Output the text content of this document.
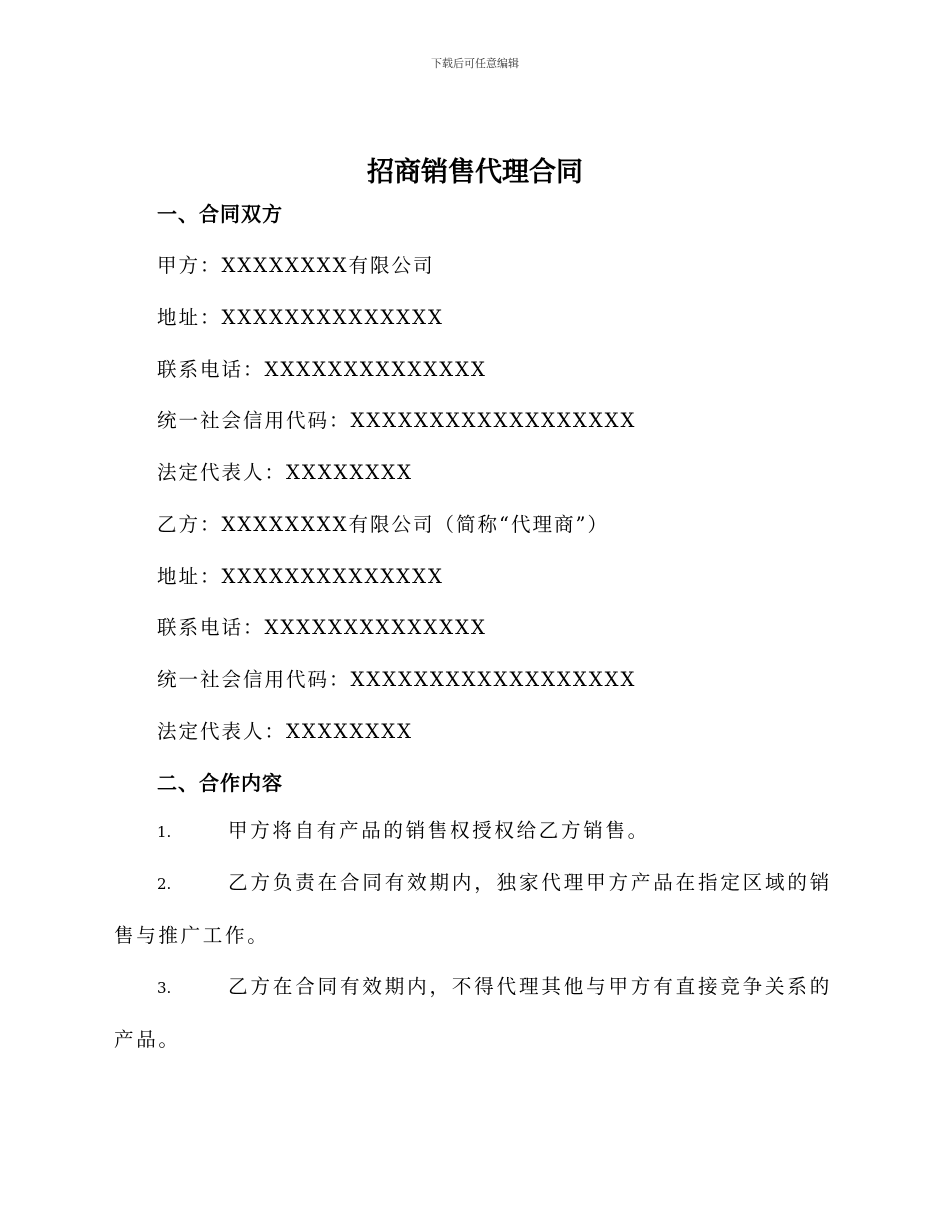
下载后可任意编辑
招商销售代理合同
一、合同双方
甲方：XXXXXXXX有限公司
地址：XXXXXXXXXXXXXX
联系电话：XXXXXXXXXXXXXX
统一社会信用代码：XXXXXXXXXXXXXXXXXX
法定代表人：XXXXXXXX
乙方：XXXXXXXX有限公司（简称“代理商”）
地址：XXXXXXXXXXXXXX
联系电话：XXXXXXXXXXXXXX
统一社会信用代码：XXXXXXXXXXXXXXXXXX
法定代表人：XXXXXXXX
二、合作内容
1.	甲方将自有产品的销售权授权给乙方销售。
2.	乙方负责在合同有效期内，独家代理甲方产品在指定区域的销售与推广工作。
3.	乙方在合同有效期内，不得代理其他与甲方有直接竞争关系的产品。
